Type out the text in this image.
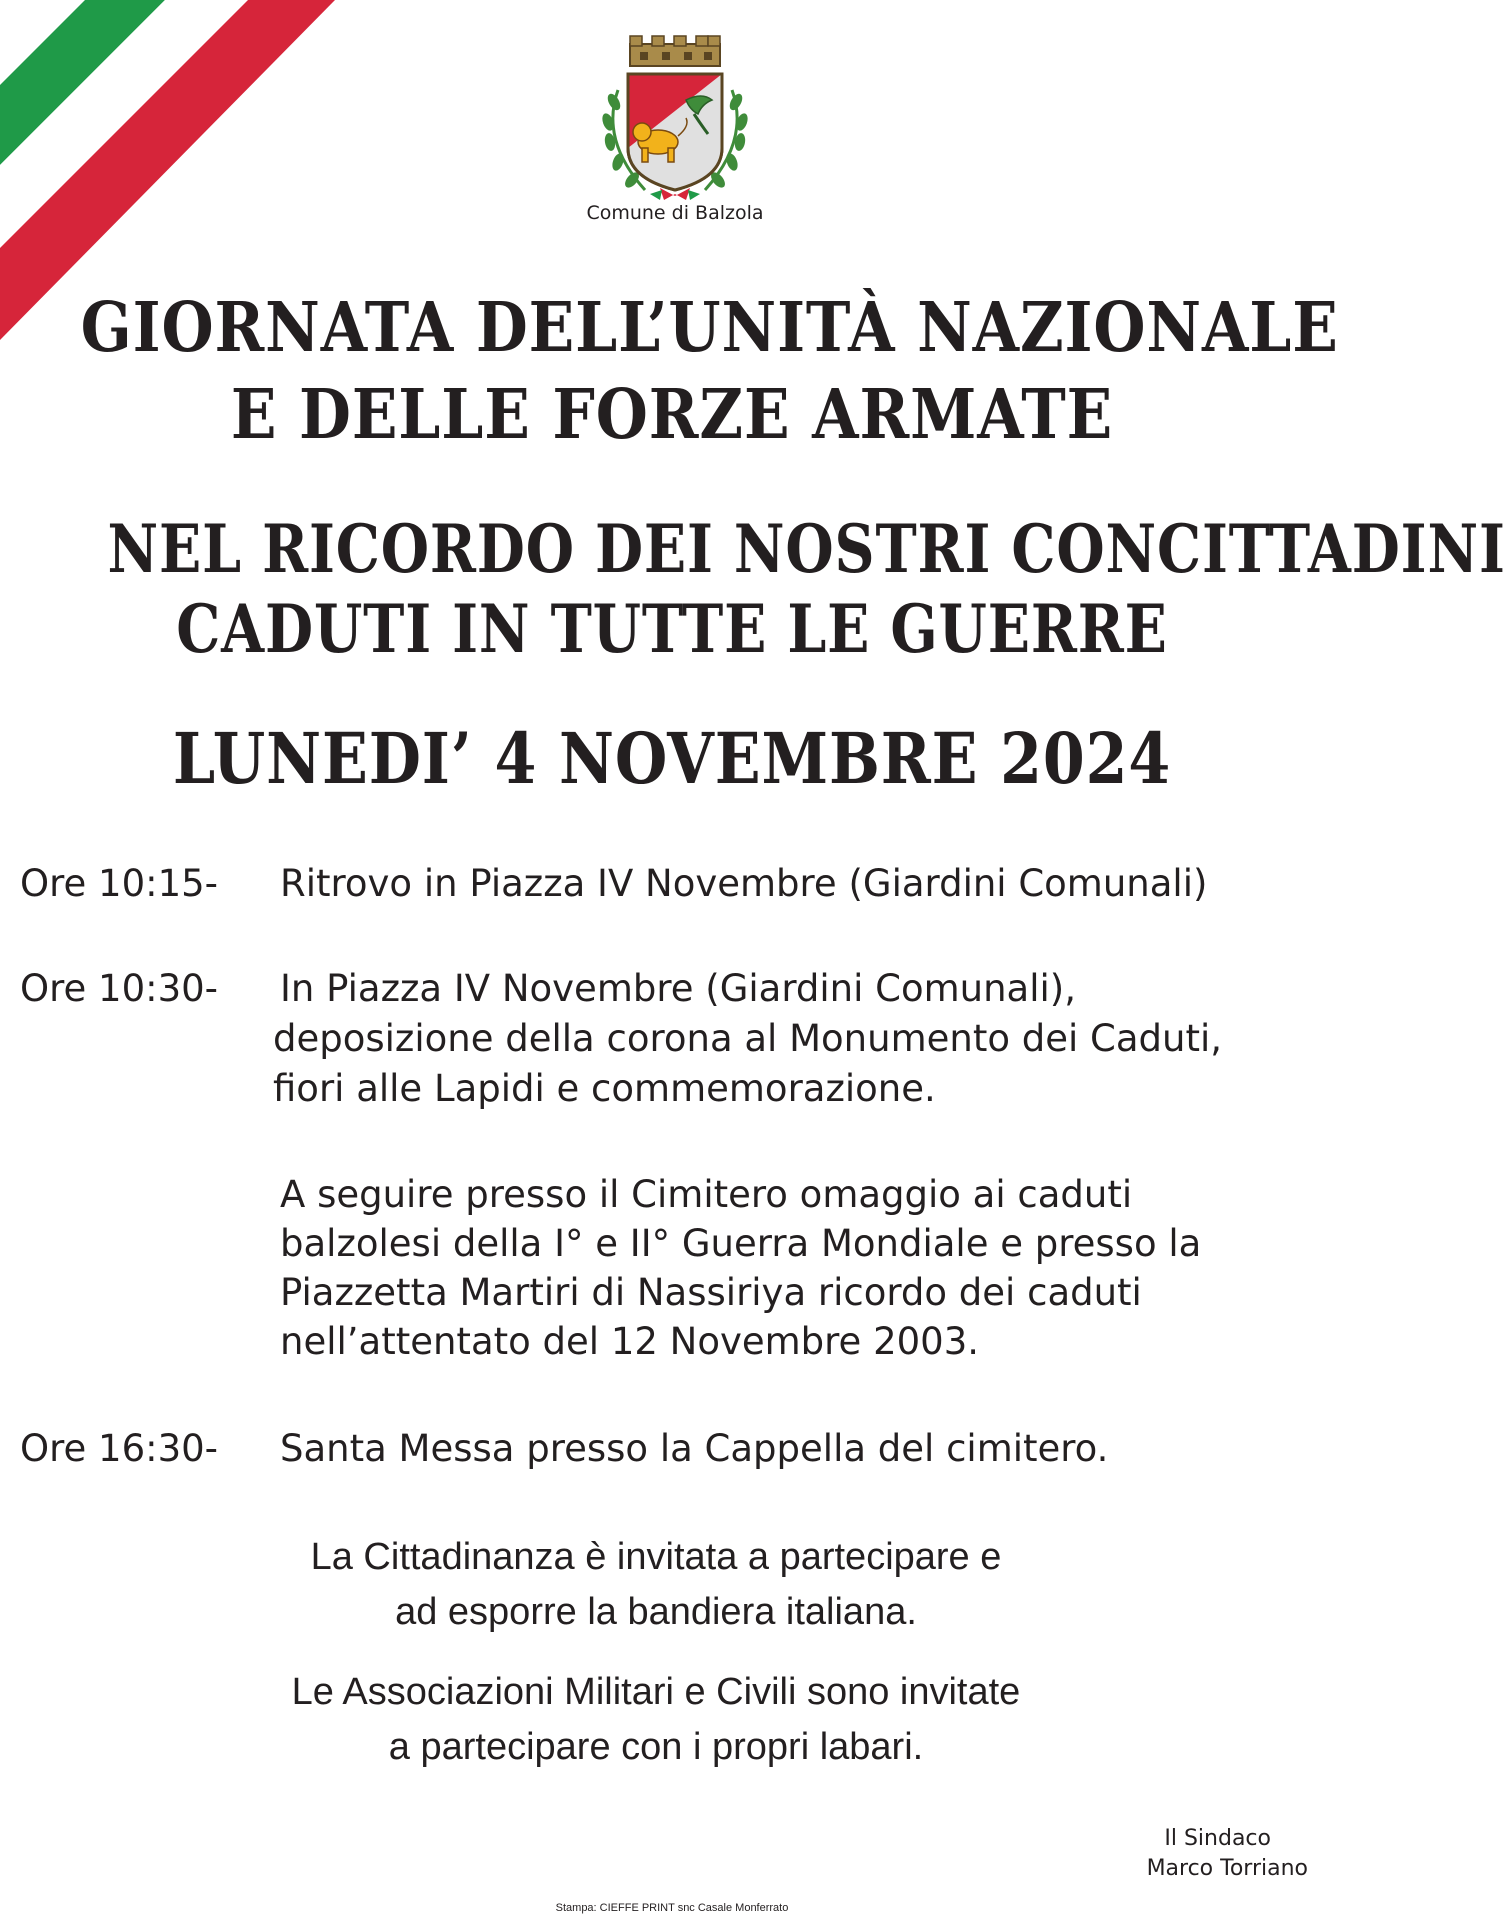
Comune di Balzola
GIORNATA DELL’UNITÀ NAZIONALE
E DELLE FORZE ARMATE
NEL RICORDO DEI NOSTRI CONCITTADINI
CADUTI IN TUTTE LE GUERRE
LUNEDI’ 4 NOVEMBRE 2024
Ore 10:15- Ritrovo in Piazza IV Novembre (Giardini Comunali)
Ore 10:30- In Piazza IV Novembre (Giardini Comunali),
deposizione della corona al Monumento dei Caduti,
fiori alle Lapidi e commemorazione.
A seguire presso il Cimitero omaggio ai caduti
balzolesi della I° e II° Guerra Mondiale e presso la
Piazzetta Martiri di Nassiriya ricordo dei caduti
nell’attentato del 12 Novembre 2003.
Ore 16:30- Santa Messa presso la Cappella del cimitero.
La Cittadinanza è invitata a partecipare e
ad esporre la bandiera italiana.
Le Associazioni Militari e Civili sono invitate
a partecipare con i propri labari.
Il Sindaco
Marco Torriano
Stampa: CIEFFE PRINT snc Casale Monferrato
